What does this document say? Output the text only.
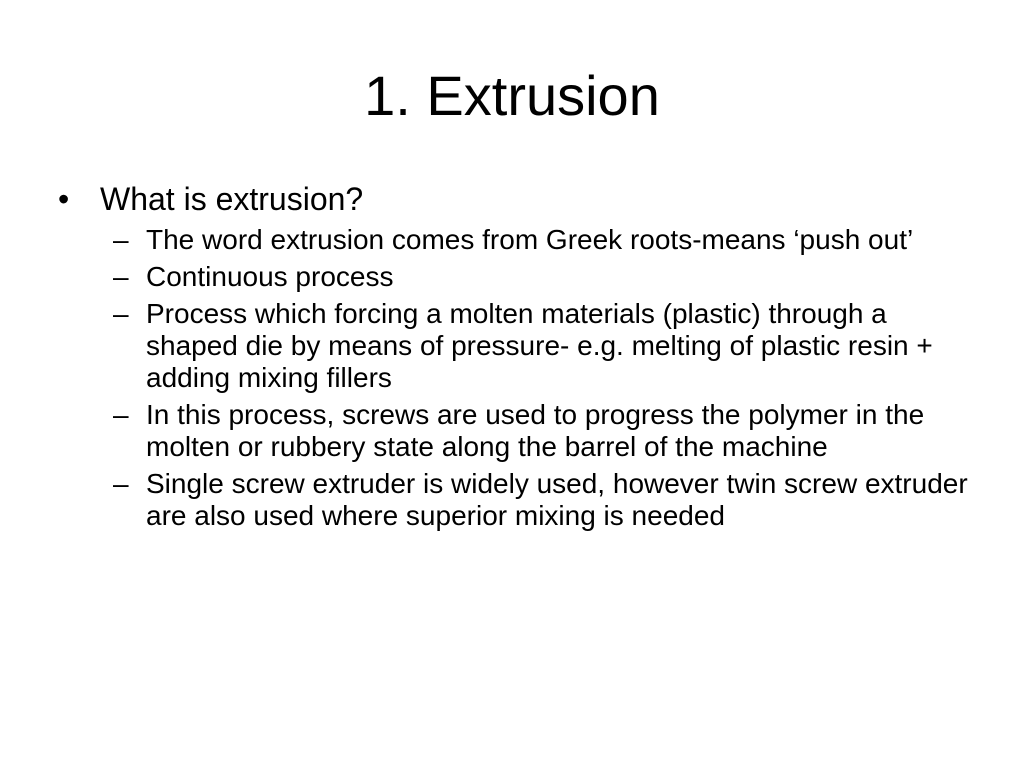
1. Extrusion
• What is extrusion?
– The word extrusion comes from Greek roots-means ‘push out’
– Continuous process
– Process which forcing a molten materials (plastic) through a shaped die by means of pressure- e.g. melting of plastic resin + adding mixing fillers
– In this process, screws are used to progress the polymer in the molten or rubbery state along the barrel of the machine
– Single screw extruder is widely used, however twin screw extruder are also used where superior mixing is needed
